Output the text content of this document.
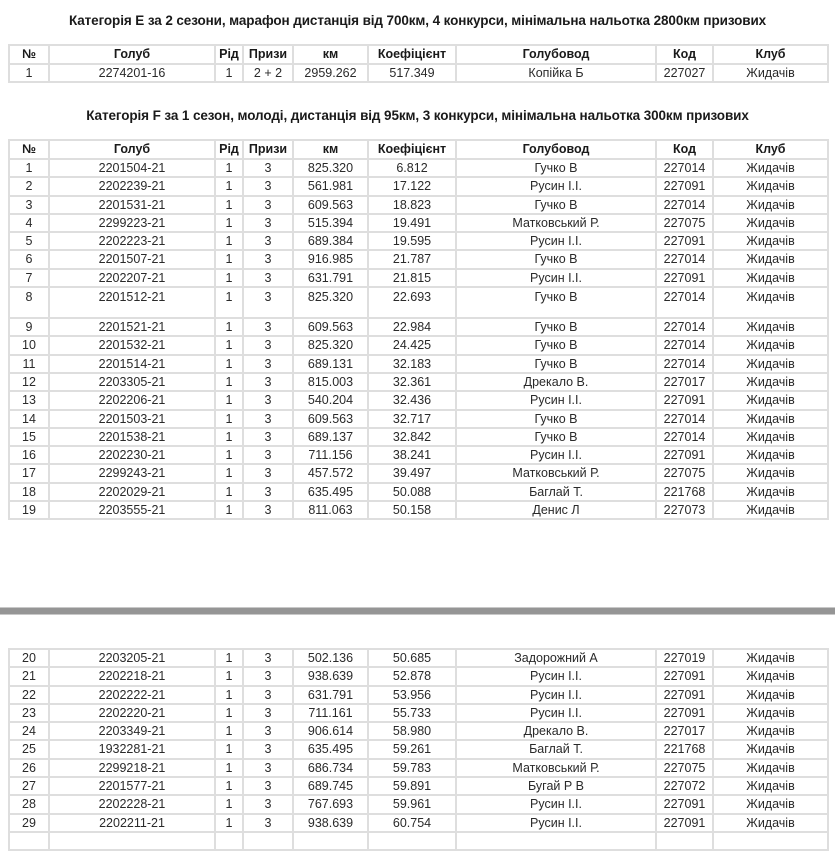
Категорія E за 2 сезони, марафон дистанція від 700км, 4 конкурси, мінімальна нальотка 2800км призових
№	Голуб	Рід	Призи	км	Коефіцієнт	Голубовод	Код	Клуб
1	2274201-16	1	2 + 2	2959.262	517.349	Копійка Б	227027	Жидачів
Категорія F за 1 сезон, молоді, дистанція від 95км, 3 конкурси, мінімальна нальотка 300км призових
№	Голуб	Рід	Призи	км	Коефіцієнт	Голубовод	Код	Клуб
1	2201504-21	1	3	825.320	6.812	Гучко В	227014	Жидачів
2	2202239-21	1	3	561.981	17.122	Русин І.І.	227091	Жидачів
3	2201531-21	1	3	609.563	18.823	Гучко В	227014	Жидачів
4	2299223-21	1	3	515.394	19.491	Матковський Р.	227075	Жидачів
5	2202223-21	1	3	689.384	19.595	Русин І.І.	227091	Жидачів
6	2201507-21	1	3	916.985	21.787	Гучко В	227014	Жидачів
7	2202207-21	1	3	631.791	21.815	Русин І.І.	227091	Жидачів
8	2201512-21	1	3	825.320	22.693	Гучко В	227014	Жидачів
9	2201521-21	1	3	609.563	22.984	Гучко В	227014	Жидачів
10	2201532-21	1	3	825.320	24.425	Гучко В	227014	Жидачів
11	2201514-21	1	3	689.131	32.183	Гучко В	227014	Жидачів
12	2203305-21	1	3	815.003	32.361	Дрекало В.	227017	Жидачів
13	2202206-21	1	3	540.204	32.436	Русин І.І.	227091	Жидачів
14	2201503-21	1	3	609.563	32.717	Гучко В	227014	Жидачів
15	2201538-21	1	3	689.137	32.842	Гучко В	227014	Жидачів
16	2202230-21	1	3	711.156	38.241	Русин І.І.	227091	Жидачів
17	2299243-21	1	3	457.572	39.497	Матковський Р.	227075	Жидачів
18	2202029-21	1	3	635.495	50.088	Баглай Т.	221768	Жидачів
19	2203555-21	1	3	811.063	50.158	Денис Л	227073	Жидачів
20	2203205-21	1	3	502.136	50.685	Задорожний А	227019	Жидачів
21	2202218-21	1	3	938.639	52.878	Русин І.І.	227091	Жидачів
22	2202222-21	1	3	631.791	53.956	Русин І.І.	227091	Жидачів
23	2202220-21	1	3	711.161	55.733	Русин І.І.	227091	Жидачів
24	2203349-21	1	3	906.614	58.980	Дрекало В.	227017	Жидачів
25	1932281-21	1	3	635.495	59.261	Баглай Т.	221768	Жидачів
26	2299218-21	1	3	686.734	59.783	Матковський Р.	227075	Жидачів
27	2201577-21	1	3	689.745	59.891	Бугай Р В	227072	Жидачів
28	2202228-21	1	3	767.693	59.961	Русин І.І.	227091	Жидачів
29	2202211-21	1	3	938.639	60.754	Русин І.І.	227091	Жидачів
